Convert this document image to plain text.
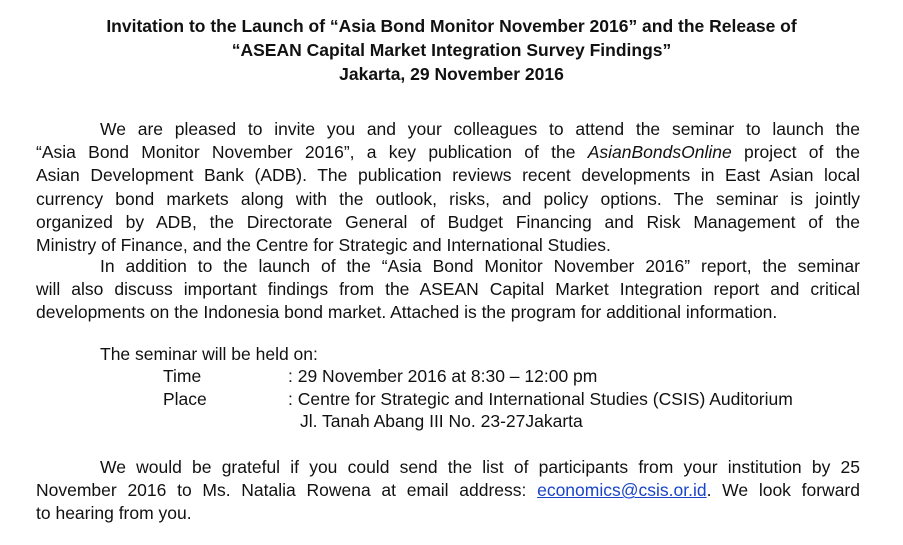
Invitation to the Launch of “Asia Bond Monitor November 2016” and the Release of
“ASEAN Capital Market Integration Survey Findings”
Jakarta, 29 November 2016
We are pleased to invite you and your colleagues to attend the seminar to launch the
“Asia Bond Monitor November 2016”, a key publication of the AsianBondsOnline project of the
Asian Development Bank (ADB). The publication reviews recent developments in East Asian local
currency bond markets along with the outlook, risks, and policy options. The seminar is jointly
organized by ADB, the Directorate General of Budget Financing and Risk Management of the
Ministry of Finance, and the Centre for Strategic and International Studies.
In addition to the launch of the “Asia Bond Monitor November 2016” report, the seminar
will also discuss important findings from the ASEAN Capital Market Integration report and critical
developments on the Indonesia bond market. Attached is the program for additional information.
The seminar will be held on:
Time	: 29 November 2016 at 8:30 – 12:00 pm
Place	: Centre for Strategic and International Studies (CSIS) Auditorium
Jl. Tanah Abang III No. 23-27Jakarta
We would be grateful if you could send the list of participants from your institution by 25
November 2016 to Ms. Natalia Rowena at email address: economics@csis.or.id. We look forward
to hearing from you.
